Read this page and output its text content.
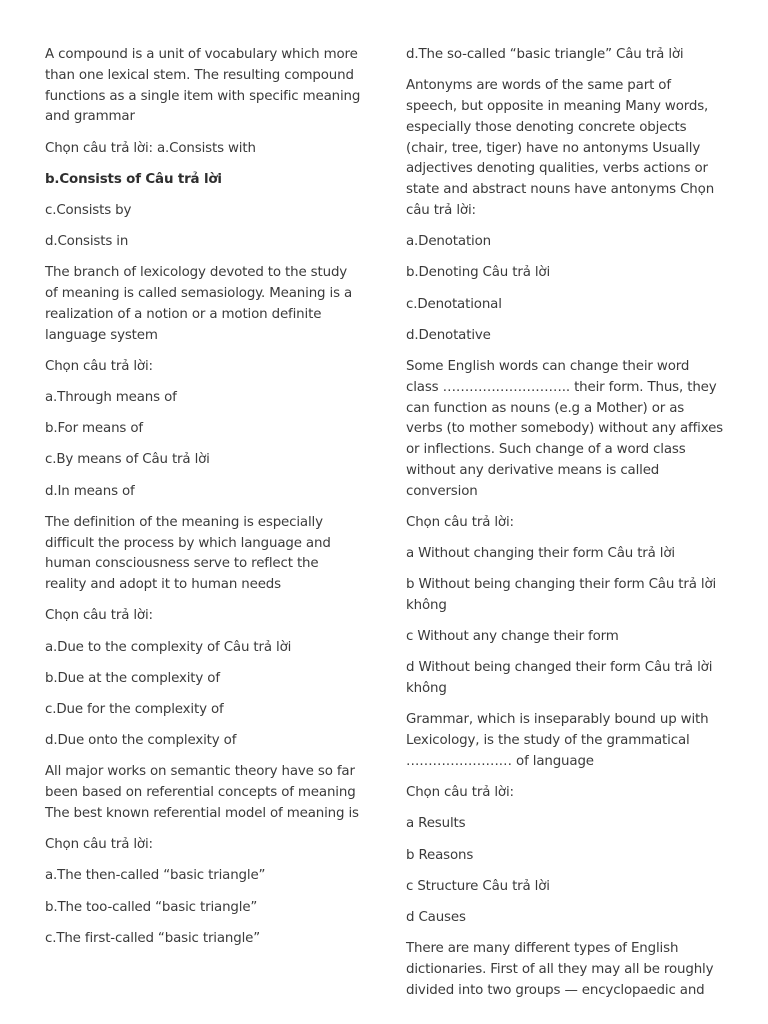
A compound is a unit of vocabulary which more than one lexical stem. The resulting compound functions as a single item with specific meaning and grammar

Chọn câu trả lời: a.Consists with

b.Consists of Câu trả lời

c.Consists by

d.Consists in

The branch of lexicology devoted to the study of meaning is called semasiology. Meaning is a realization of a notion or a motion definite language system

Chọn câu trả lời:

a.Through means of

b.For means of

c.By means of Câu trả lời

d.In means of

The definition of the meaning is especially difficult the process by which language and human consciousness serve to reflect the reality and adopt it to human needs

Chọn câu trả lời:

a.Due to the complexity of Câu trả lời

b.Due at the complexity of

c.Due for the complexity of

d.Due onto the complexity of

All major works on semantic theory have so far been based on referential concepts of meaning The best known referential model of meaning is

Chọn câu trả lời:

a.The then-called “basic triangle”

b.The too-called “basic triangle”

c.The first-called “basic triangle”

d.The so-called “basic triangle” Câu trả lời

Antonyms are words of the same part of speech, but opposite in meaning Many words, especially those denoting concrete objects (chair, tree, tiger) have no antonyms Usually adjectives denoting qualities, verbs actions or state and abstract nouns have antonyms Chọn câu trả lời:

a.Denotation

b.Denoting Câu trả lời

c.Denotational

d.Denotative

Some English words can change their word class ……………………….. their form. Thus, they can function as nouns (e.g a Mother) or as verbs (to mother somebody) without any affixes or inflections. Such change of a word class without any derivative means is called conversion

Chọn câu trả lời:

a Without changing their form Câu trả lời

b Without being changing their form Câu trả lời không

c Without any change their form

d Without being changed their form Câu trả lời không

Grammar, which is inseparably bound up with Lexicology, is the study of the grammatical …………………… of language

Chọn câu trả lời:

a Results

b Reasons

c Structure Câu trả lời

d Causes

There are many different types of English dictionaries. First of all they may all be roughly divided into two groups — encyclopaedic and
